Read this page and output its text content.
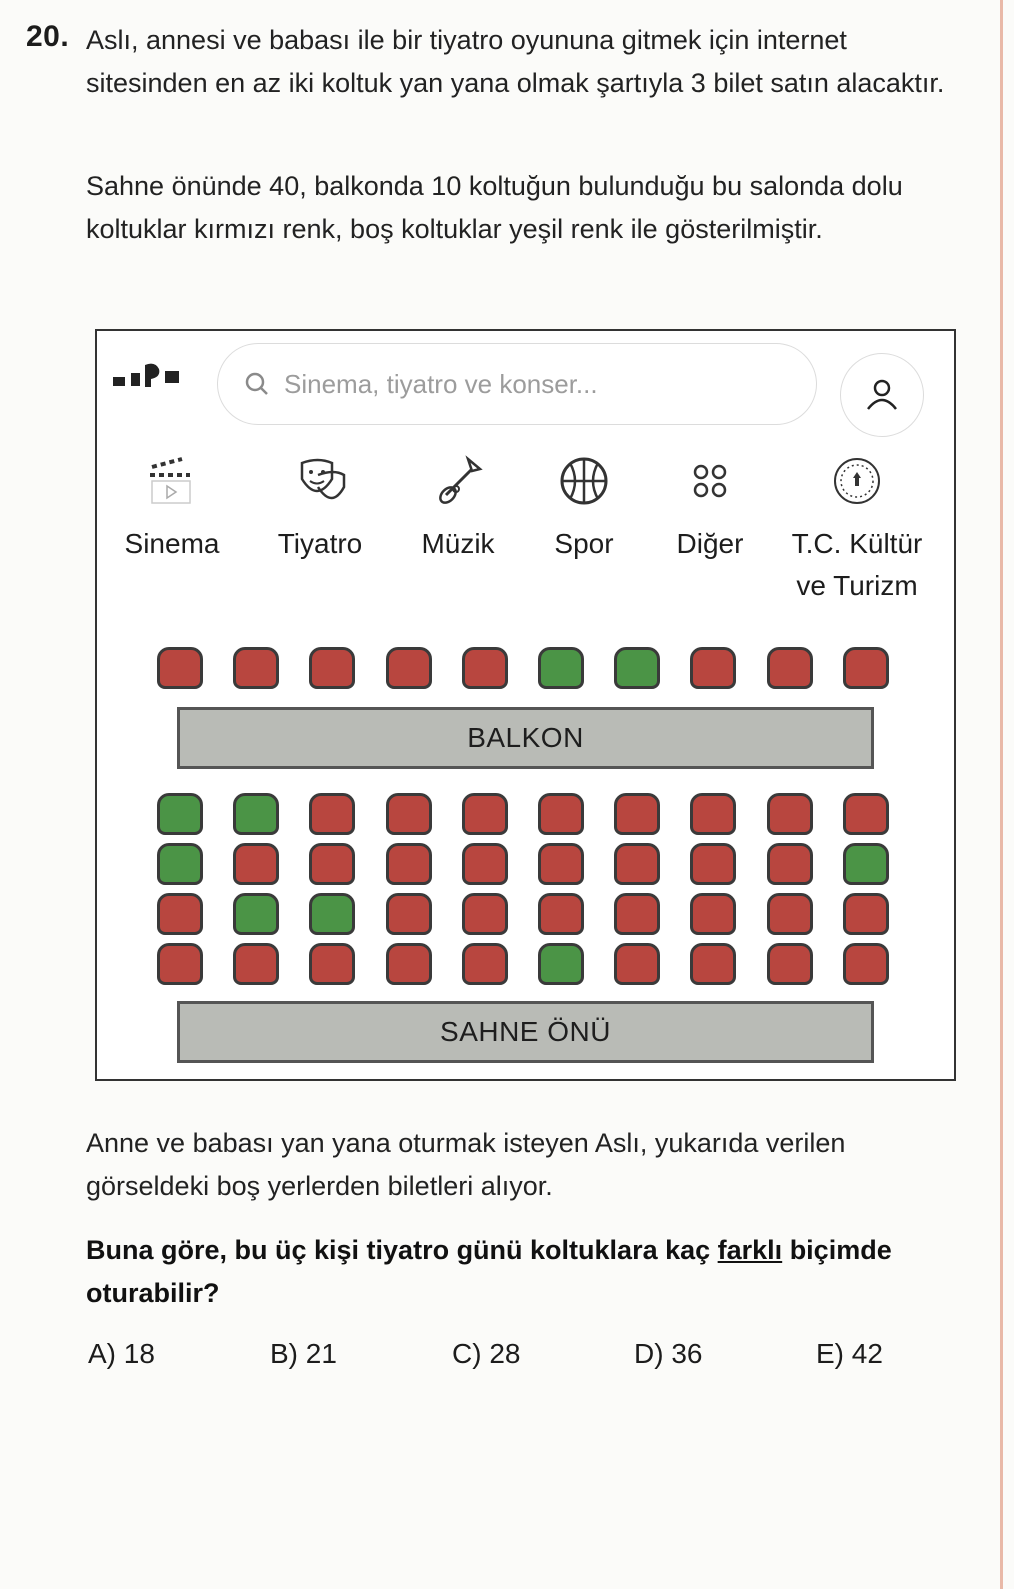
20. Aslı, annesi ve babası ile bir tiyatro oyununa gitmek için internet sitesinden en az iki koltuk yan yana olmak şartıyla 3 bilet satın alacaktır.
Sahne önünde 40, balkonda 10 koltuğun bulunduğu bu salonda dolu koltuklar kırmızı renk, boş koltuklar yeşil renk ile gösterilmiştir.
Sinema, tiyatro ve konser...
Sinema	Tiyatro	Müzik	Spor	Diğer	T.C. Kültür ve Turizm
BALKON
SAHNE ÖNÜ
Anne ve babası yan yana oturmak isteyen Aslı, yukarıda verilen görseldeki boş yerlerden biletleri alıyor.
Buna göre, bu üç kişi tiyatro günü koltuklara kaç farklı biçimde oturabilir?
A) 18	B) 21	C) 28	D) 36	E) 42
